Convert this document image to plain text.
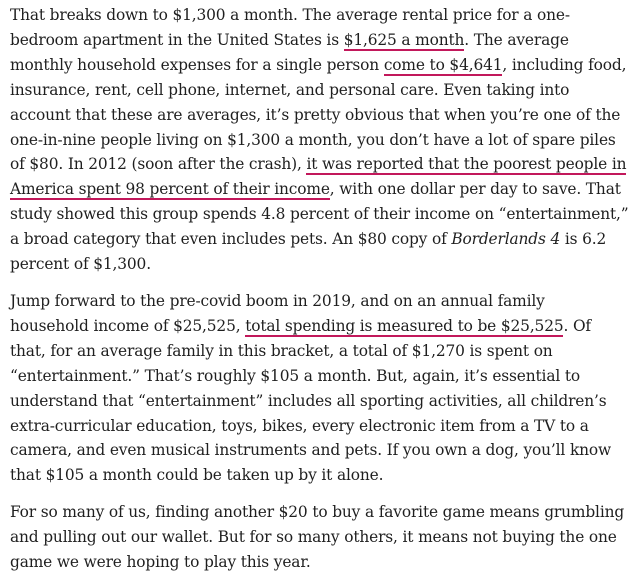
That breaks down to $1,300 a month. The average rental price for a one-
bedroom apartment in the United States is $1,625 a month. The average
monthly household expenses for a single person come to $4,641, including food,
insurance, rent, cell phone, internet, and personal care. Even taking into
account that these are averages, it’s pretty obvious that when you’re one of the
one-in-nine people living on $1,300 a month, you don’t have a lot of spare piles
of $80. In 2012 (soon after the crash), it was reported that the poorest people in
America spent 98 percent of their income, with one dollar per day to save. That
study showed this group spends 4.8 percent of their income on “entertainment,”
a broad category that even includes pets. An $80 copy of Borderlands 4 is 6.2
percent of $1,300.

Jump forward to the pre-covid boom in 2019, and on an annual family
household income of $25,525, total spending is measured to be $25,525. Of
that, for an average family in this bracket, a total of $1,270 is spent on
“entertainment.” That’s roughly $105 a month. But, again, it’s essential to
understand that “entertainment” includes all sporting activities, all children’s
extra-curricular education, toys, bikes, every electronic item from a TV to a
camera, and even musical instruments and pets. If you own a dog, you’ll know
that $105 a month could be taken up by it alone.

For so many of us, finding another $20 to buy a favorite game means grumbling
and pulling out our wallet. But for so many others, it means not buying the one
game we were hoping to play this year.
